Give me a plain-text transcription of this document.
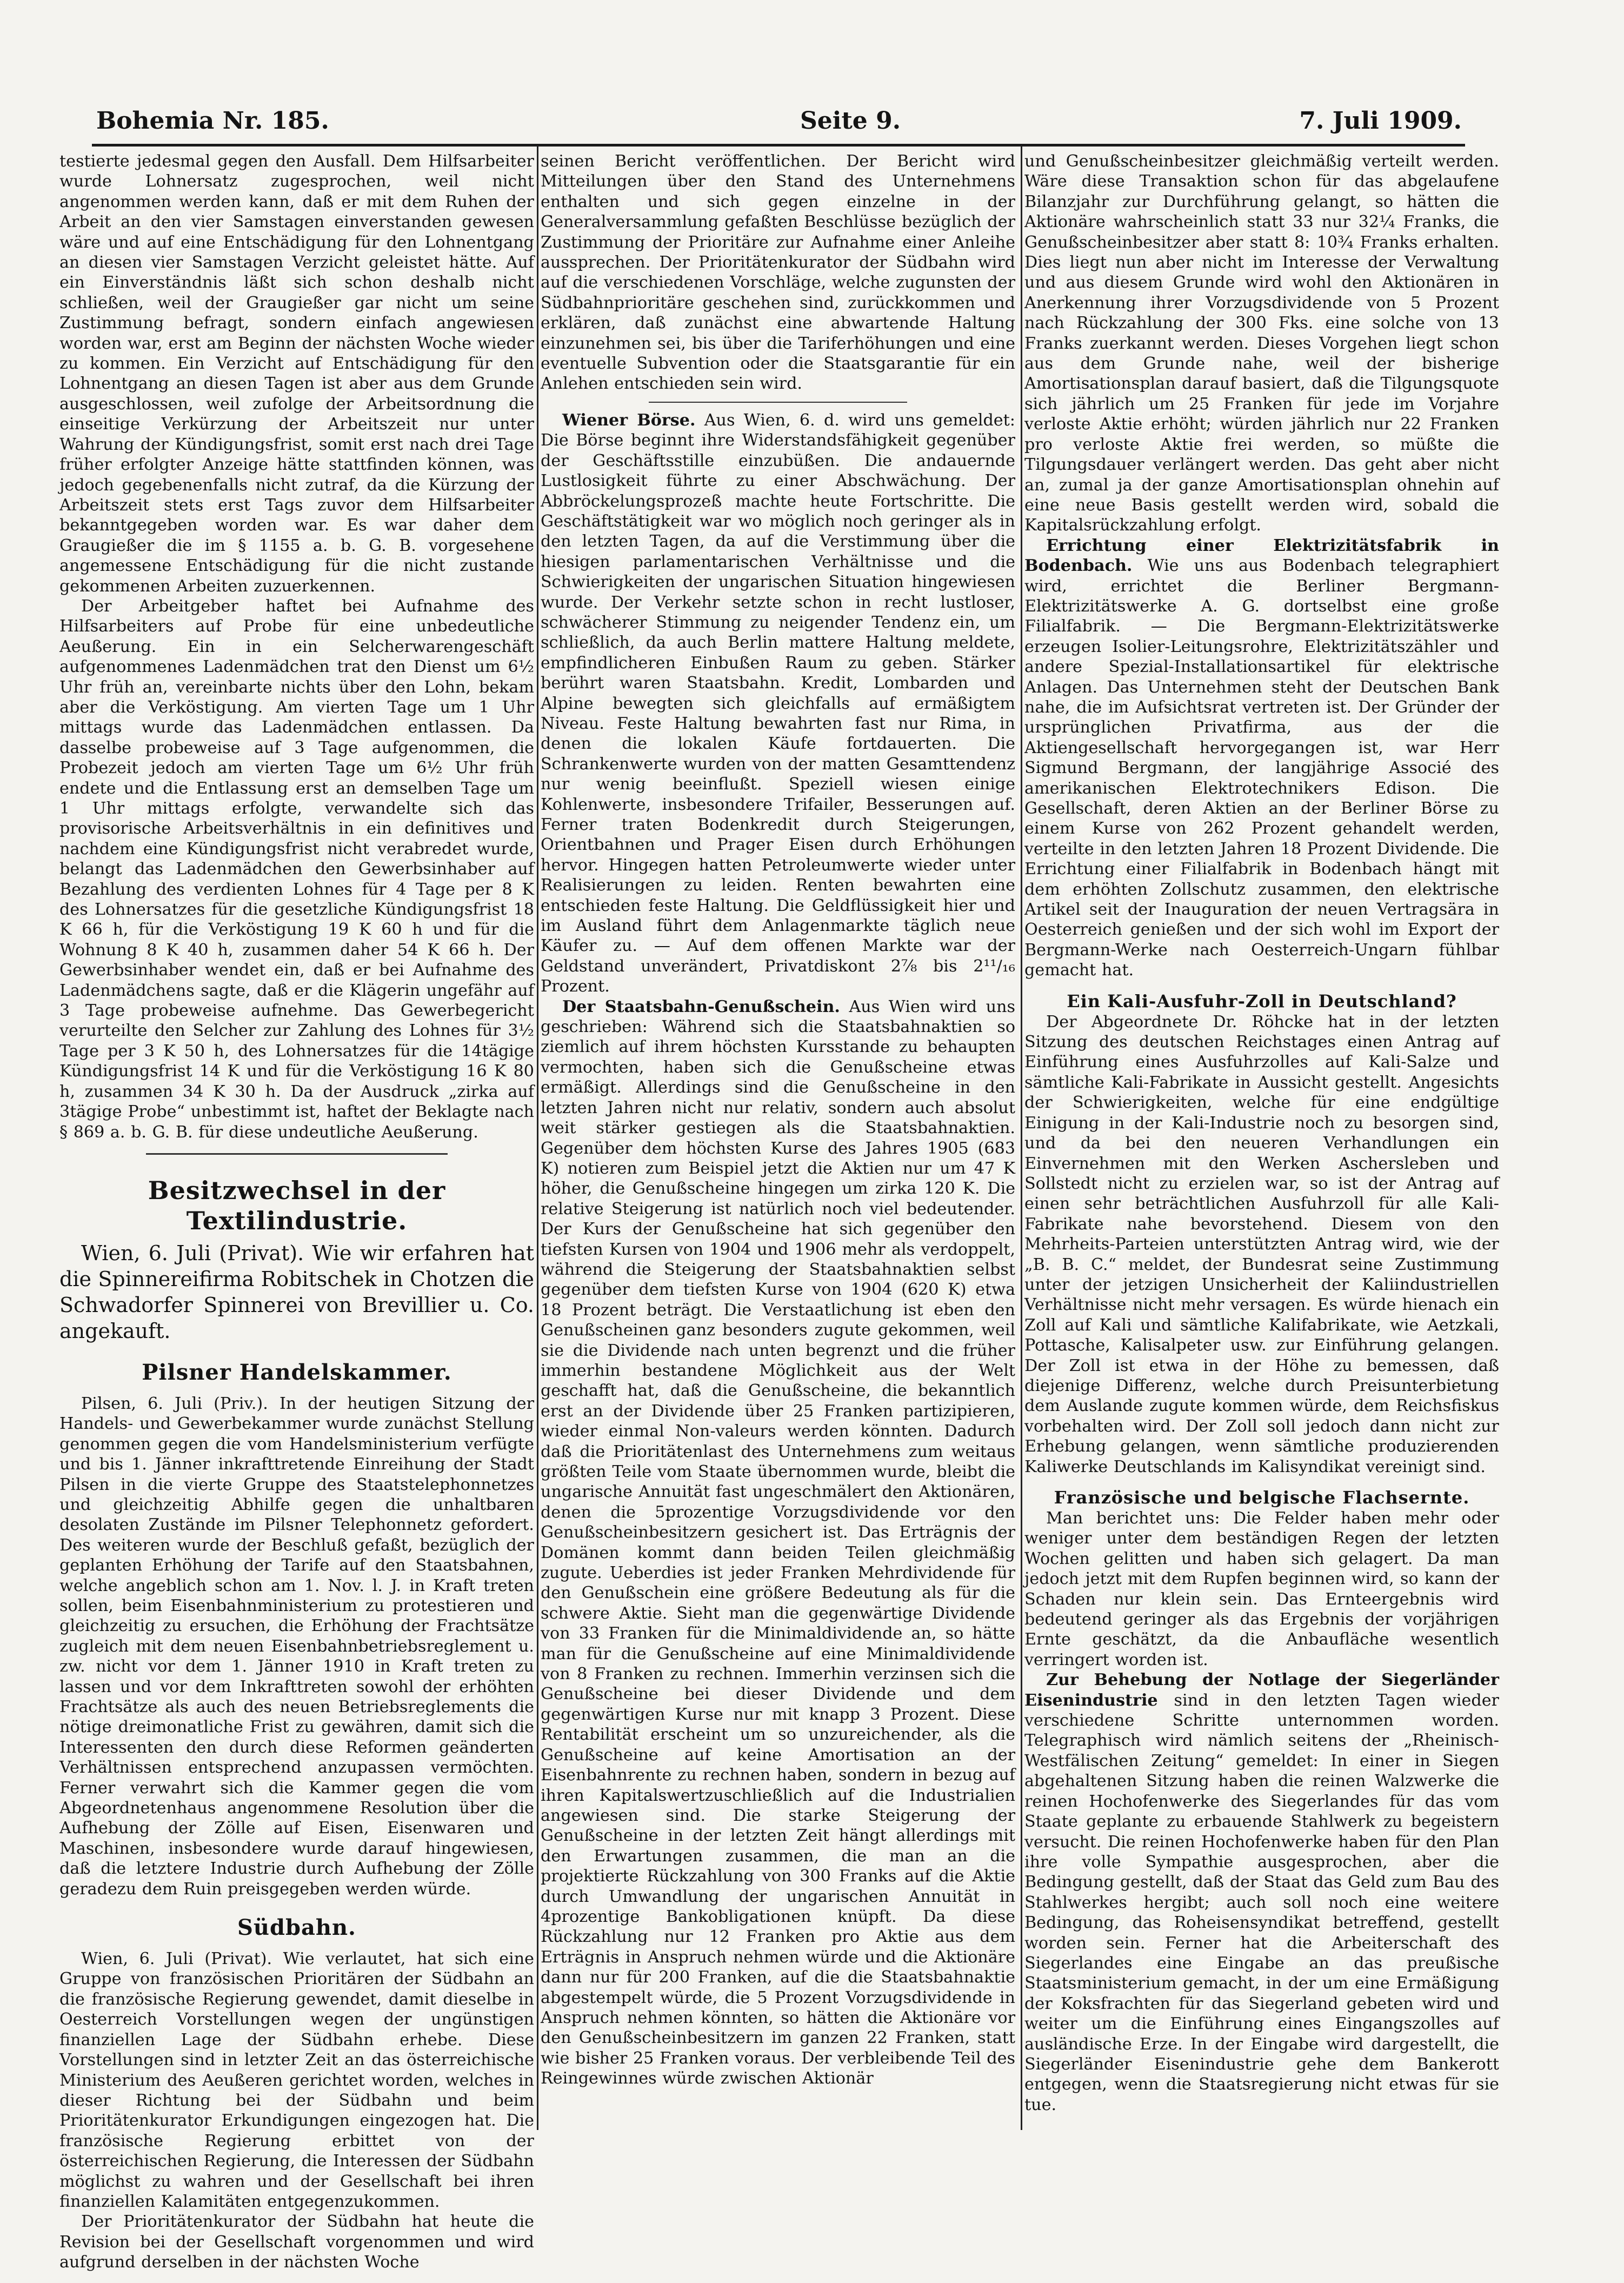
Bohemia Nr. 185.	Seite 9.	7. Juli 1909.

testierte jedesmal gegen den Ausfall. Dem Hilfsarbeiter wurde Lohnersatz zugesprochen, weil nicht angenommen werden kann, daß er mit dem Ruhen der Arbeit an den vier Samstagen einverstanden gewesen wäre und auf eine Entschädigung für den Lohnentgang an diesen vier Samstagen Verzicht geleistet hätte. Auf ein Einverständnis läßt sich schon deshalb nicht schließen, weil der Graugießer gar nicht um seine Zustimmung befragt, sondern einfach angewiesen worden war, erst am Beginn der nächsten Woche wieder zu kommen. Ein Verzicht auf Entschädigung für den Lohnentgang an diesen Tagen ist aber aus dem Grunde ausgeschlossen, weil zufolge der Arbeitsordnung die einseitige Verkürzung der Arbeitszeit nur unter Wahrung der Kündigungsfrist, somit erst nach drei Tage früher erfolgter Anzeige hätte stattfinden können, was jedoch gegebenenfalls nicht zutraf, da die Kürzung der Arbeitszeit stets erst Tags zuvor dem Hilfsarbeiter bekanntgegeben worden war. Es war daher dem Graugießer die im § 1155 a. b. G. B. vorgesehene angemessene Entschädigung für die nicht zustande gekommenen Arbeiten zuzuerkennen.

Der Arbeitgeber haftet bei Aufnahme des Hilfsarbeiters auf Probe für eine unbedeutliche Aeußerung. Ein in ein Selcherwarengeschäft aufgenommenes Ladenmädchen trat den Dienst um 6½ Uhr früh an, vereinbarte nichts über den Lohn, bekam aber die Verköstigung. Am vierten Tage um 1 Uhr mittags wurde das Ladenmädchen entlassen. Da dasselbe probeweise auf 3 Tage aufgenommen, die Probezeit jedoch am vierten Tage um 6½ Uhr früh endete und die Entlassung erst an demselben Tage um 1 Uhr mittags erfolgte, verwandelte sich das provisorische Arbeitsverhältnis in ein definitives und nachdem eine Kündigungsfrist nicht verabredet wurde, belangt das Ladenmädchen den Gewerbsinhaber auf Bezahlung des verdienten Lohnes für 4 Tage per 8 K des Lohnersatzes für die gesetzliche Kündigungsfrist 18 K 66 h, für die Verköstigung 19 K 60 h und für die Wohnung 8 K 40 h, zusammen daher 54 K 66 h. Der Gewerbsinhaber wendet ein, daß er bei Aufnahme des Ladenmädchens sagte, daß er die Klägerin ungefähr auf 3 Tage probeweise aufnehme. Das Gewerbegericht verurteilte den Selcher zur Zahlung des Lohnes für 3½ Tage per 3 K 50 h, des Lohnersatzes für die 14tägige Kündigungsfrist 14 K und für die Verköstigung 16 K 80 h, zusammen 34 K 30 h. Da der Ausdruck „zirka auf 3tägige Probe“ unbestimmt ist, haftet der Beklagte nach § 869 a. b. G. B. für diese undeutliche Aeußerung.

Besitzwechsel in der Textilindustrie.

Wien, 6. Juli (Privat). Wie wir erfahren hat die Spinnereifirma Robitschek in Chotzen die Schwadorfer Spinnerei von Brevillier u. Co. angekauft.

Pilsner Handelskammer.

Pilsen, 6. Juli (Priv.). In der heutigen Sitzung der Handels- und Gewerbekammer wurde zunächst Stellung genommen gegen die vom Handelsministerium verfügte und bis 1. Jänner inkrafttretende Einreihung der Stadt Pilsen in die vierte Gruppe des Staatstelephonnetzes und gleichzeitig Abhilfe gegen die unhaltbaren desolaten Zustände im Pilsner Telephonnetz gefordert. Des weiteren wurde der Beschluß gefaßt, bezüglich der geplanten Erhöhung der Tarife auf den Staatsbahnen, welche angeblich schon am 1. Nov. l. J. in Kraft treten sollen, beim Eisenbahnministerium zu protestieren und gleichzeitig zu ersuchen, die Erhöhung der Frachtsätze zugleich mit dem neuen Eisenbahnbetriebsreglement u. zw. nicht vor dem 1. Jänner 1910 in Kraft treten zu lassen und vor dem Inkrafttreten sowohl der erhöhten Frachtsätze als auch des neuen Betriebsreglements die nötige dreimonatliche Frist zu gewähren, damit sich die Interessenten den durch diese Reformen geänderten Verhältnissen entsprechend anzupassen vermöchten. Ferner verwahrt sich die Kammer gegen die vom Abgeordnetenhaus angenommene Resolution über die Aufhebung der Zölle auf Eisen, Eisenwaren und Maschinen, insbesondere wurde darauf hingewiesen, daß die letztere Industrie durch Aufhebung der Zölle geradezu dem Ruin preisgegeben werden würde.

Südbahn.

Wien, 6. Juli (Privat). Wie verlautet, hat sich eine Gruppe von französischen Prioritären der Südbahn an die französische Regierung gewendet, damit dieselbe in Oesterreich Vorstellungen wegen der ungünstigen finanziellen Lage der Südbahn erhebe. Diese Vorstellungen sind in letzter Zeit an das österreichische Ministerium des Aeußeren gerichtet worden, welches in dieser Richtung bei der Südbahn und beim Prioritätenkurator Erkundigungen eingezogen hat. Die französische Regierung erbittet von der österreichischen Regierung, die Interessen der Südbahn möglichst zu wahren und der Gesellschaft bei ihren finanziellen Kalamitäten entgegenzukommen.

Der Prioritätenkurator der Südbahn hat heute die Revision bei der Gesellschaft vorgenommen und wird aufgrund derselben in der nächsten Woche

seinen Bericht veröffentlichen. Der Bericht wird Mitteilungen über den Stand des Unternehmens enthalten und sich gegen einzelne in der Generalversammlung gefaßten Beschlüsse bezüglich der Zustimmung der Prioritäre zur Aufnahme einer Anleihe aussprechen. Der Prioritätenkurator der Südbahn wird auf die verschiedenen Vorschläge, welche zugunsten der Südbahnprioritäre geschehen sind, zurückkommen und erklären, daß zunächst eine abwartende Haltung einzunehmen sei, bis über die Tariferhöhungen und eine eventuelle Subvention oder die Staatsgarantie für ein Anlehen entschieden sein wird.

Wiener Börse. Aus Wien, 6. d. wird uns gemeldet: Die Börse beginnt ihre Widerstandsfähigkeit gegenüber der Geschäftsstille einzubüßen. Die andauernde Lustlosigkeit führte zu einer Abschwächung. Der Abbröckelungsprozeß machte heute Fortschritte. Die Geschäftstätigkeit war wo möglich noch geringer als in den letzten Tagen, da auf die Verstimmung über die hiesigen parlamentarischen Verhältnisse und die Schwierigkeiten der ungarischen Situation hingewiesen wurde. Der Verkehr setzte schon in recht lustloser, schwächerer Stimmung zu neigender Tendenz ein, um schließlich, da auch Berlin mattere Haltung meldete, empfindlicheren Einbußen Raum zu geben. Stärker berührt waren Staatsbahn. Kredit, Lombarden und Alpine bewegten sich gleichfalls auf ermäßigtem Niveau. Feste Haltung bewahrten fast nur Rima, in denen die lokalen Käufe fortdauerten. Die Schrankenwerte wurden von der matten Gesamttendenz nur wenig beeinflußt. Speziell wiesen einige Kohlenwerte, insbesondere Trifailer, Besserungen auf. Ferner traten Bodenkredit durch Steigerungen, Orientbahnen und Prager Eisen durch Erhöhungen hervor. Hingegen hatten Petroleumwerte wieder unter Realisierungen zu leiden. Renten bewahrten eine entschieden feste Haltung. Die Geldflüssigkeit hier und im Ausland führt dem Anlagenmarkte täglich neue Käufer zu. — Auf dem offenen Markte war der Geldstand unverändert, Privatdiskont 2⅞ bis 2¹¹/₁₆ Prozent.

Der Staatsbahn-Genußschein. Aus Wien wird uns geschrieben: Während sich die Staatsbahnaktien so ziemlich auf ihrem höchsten Kursstande zu behaupten vermochten, haben sich die Genußscheine etwas ermäßigt. Allerdings sind die Genußscheine in den letzten Jahren nicht nur relativ, sondern auch absolut weit stärker gestiegen als die Staatsbahnaktien. Gegenüber dem höchsten Kurse des Jahres 1905 (683 K) notieren zum Beispiel jetzt die Aktien nur um 47 K höher, die Genußscheine hingegen um zirka 120 K. Die relative Steigerung ist natürlich noch viel bedeutender. Der Kurs der Genußscheine hat sich gegenüber den tiefsten Kursen von 1904 und 1906 mehr als verdoppelt, während die Steigerung der Staatsbahnaktien selbst gegenüber dem tiefsten Kurse von 1904 (620 K) etwa 18 Prozent beträgt. Die Verstaatlichung ist eben den Genußscheinen ganz besonders zugute gekommen, weil sie die Dividende nach unten begrenzt und die früher immerhin bestandene Möglichkeit aus der Welt geschafft hat, daß die Genußscheine, die bekanntlich erst an der Dividende über 25 Franken partizipieren, wieder einmal Non-valeurs werden könnten. Dadurch daß die Prioritätenlast des Unternehmens zum weitaus größten Teile vom Staate übernommen wurde, bleibt die ungarische Annuität fast ungeschmälert den Aktionären, denen die 5prozentige Vorzugsdividende vor den Genußscheinbesitzern gesichert ist. Das Erträgnis der Domänen kommt dann beiden Teilen gleichmäßig zugute. Ueberdies ist jeder Franken Mehrdividende für den Genußschein eine größere Bedeutung als für die schwere Aktie. Sieht man die gegenwärtige Dividende von 33 Franken für die Minimaldividende an, so hätte man für die Genußscheine auf eine Minimaldividende von 8 Franken zu rechnen. Immerhin verzinsen sich die Genußscheine bei dieser Dividende und dem gegenwärtigen Kurse nur mit knapp 3 Prozent. Diese Rentabilität erscheint um so unzureichender, als die Genußscheine auf keine Amortisation an der Eisenbahnrente zu rechnen haben, sondern in bezug auf ihren Kapitalswertzuschließlich auf die Industrialien angewiesen sind. Die starke Steigerung der Genußscheine in der letzten Zeit hängt allerdings mit den Erwartungen zusammen, die man an die projektierte Rückzahlung von 300 Franks auf die Aktie durch Umwandlung der ungarischen Annuität in 4prozentige Bankobligationen knüpft. Da diese Rückzahlung nur 12 Franken pro Aktie aus dem Erträgnis in Anspruch nehmen würde und die Aktionäre dann nur für 200 Franken, auf die die Staatsbahnaktie abgestempelt würde, die 5 Prozent Vorzugsdividende in Anspruch nehmen könnten, so hätten die Aktionäre vor den Genußscheinbesitzern im ganzen 22 Franken, statt wie bisher 25 Franken voraus. Der verbleibende Teil des Reingewinnes würde zwischen Aktionär

und Genußscheinbesitzer gleichmäßig verteilt werden. Wäre diese Transaktion schon für das abgelaufene Bilanzjahr zur Durchführung gelangt, so hätten die Aktionäre wahrscheinlich statt 33 nur 32¼ Franks, die Genußscheinbesitzer aber statt 8: 10¾ Franks erhalten. Dies liegt nun aber nicht im Interesse der Verwaltung und aus diesem Grunde wird wohl den Aktionären in Anerkennung ihrer Vorzugsdividende von 5 Prozent nach Rückzahlung der 300 Fks. eine solche von 13 Franks zuerkannt werden. Dieses Vorgehen liegt schon aus dem Grunde nahe, weil der bisherige Amortisationsplan darauf basiert, daß die Tilgungsquote sich jährlich um 25 Franken für jede im Vorjahre verloste Aktie erhöht; würden jährlich nur 22 Franken pro verloste Aktie frei werden, so müßte die Tilgungsdauer verlängert werden. Das geht aber nicht an, zumal ja der ganze Amortisationsplan ohnehin auf eine neue Basis gestellt werden wird, sobald die Kapitalsrückzahlung erfolgt.

Errichtung einer Elektrizitätsfabrik in Bodenbach. Wie uns aus Bodenbach telegraphiert wird, errichtet die Berliner Bergmann-Elektrizitätswerke A. G. dortselbst eine große Filialfabrik. — Die Bergmann-Elektrizitätswerke erzeugen Isolier-Leitungsrohre, Elektrizitätszähler und andere Spezial-Installationsartikel für elektrische Anlagen. Das Unternehmen steht der Deutschen Bank nahe, die im Aufsichtsrat vertreten ist. Der Gründer der ursprünglichen Privatfirma, aus der die Aktiengesellschaft hervorgegangen ist, war Herr Sigmund Bergmann, der langjährige Associé des amerikanischen Elektrotechnikers Edison. Die Gesellschaft, deren Aktien an der Berliner Börse zu einem Kurse von 262 Prozent gehandelt werden, verteilte in den letzten Jahren 18 Prozent Dividende. Die Errichtung einer Filialfabrik in Bodenbach hängt mit dem erhöhten Zollschutz zusammen, den elektrische Artikel seit der Inauguration der neuen Vertragsära in Oesterreich genießen und der sich wohl im Export der Bergmann-Werke nach Oesterreich-Ungarn fühlbar gemacht hat.

Ein Kali-Ausfuhr-Zoll in Deutschland?

Der Abgeordnete Dr. Röhcke hat in der letzten Sitzung des deutschen Reichstages einen Antrag auf Einführung eines Ausfuhrzolles auf Kali-Salze und sämtliche Kali-Fabrikate in Aussicht gestellt. Angesichts der Schwierigkeiten, welche für eine endgültige Einigung in der Kali-Industrie noch zu besorgen sind, und da bei den neueren Verhandlungen ein Einvernehmen mit den Werken Aschersleben und Sollstedt nicht zu erzielen war, so ist der Antrag auf einen sehr beträchtlichen Ausfuhrzoll für alle Kali-Fabrikate nahe bevorstehend. Diesem von den Mehrheits-Parteien unterstützten Antrag wird, wie der „B. B. C.“ meldet, der Bundesrat seine Zustimmung unter der jetzigen Unsicherheit der Kaliindustriellen Verhältnisse nicht mehr versagen. Es würde hienach ein Zoll auf Kali und sämtliche Kalifabrikate, wie Aetzkali, Pottasche, Kalisalpeter usw. zur Einführung gelangen. Der Zoll ist etwa in der Höhe zu bemessen, daß diejenige Differenz, welche durch Preisunterbietung dem Auslande zugute kommen würde, dem Reichsfiskus vorbehalten wird. Der Zoll soll jedoch dann nicht zur Erhebung gelangen, wenn sämtliche produzierenden Kaliwerke Deutschlands im Kalisyndikat vereinigt sind.

Französische und belgische Flachsernte.

Man berichtet uns: Die Felder haben mehr oder weniger unter dem beständigen Regen der letzten Wochen gelitten und haben sich gelagert. Da man jedoch jetzt mit dem Rupfen beginnen wird, so kann der Schaden nur klein sein. Das Ernteergebnis wird bedeutend geringer als das Ergebnis der vorjährigen Ernte geschätzt, da die Anbaufläche wesentlich verringert worden ist.

Zur Behebung der Notlage der Siegerländer Eisenindustrie sind in den letzten Tagen wieder verschiedene Schritte unternommen worden. Telegraphisch wird nämlich seitens der „Rheinisch-Westfälischen Zeitung“ gemeldet: In einer in Siegen abgehaltenen Sitzung haben die reinen Walzwerke die reinen Hochofenwerke des Siegerlandes für das vom Staate geplante zu erbauende Stahlwerk zu begeistern versucht. Die reinen Hochofenwerke haben für den Plan ihre volle Sympathie ausgesprochen, aber die Bedingung gestellt, daß der Staat das Geld zum Bau des Stahlwerkes hergibt; auch soll noch eine weitere Bedingung, das Roheisensyndikat betreffend, gestellt worden sein. Ferner hat die Arbeiterschaft des Siegerlandes eine Eingabe an das preußische Staatsministerium gemacht, in der um eine Ermäßigung der Koksfrachten für das Siegerland gebeten wird und weiter um die Einführung eines Eingangszolles auf ausländische Erze. In der Eingabe wird dargestellt, die Siegerländer Eisenindustrie gehe dem Bankerott entgegen, wenn die Staatsregierung nicht etwas für sie tue.
